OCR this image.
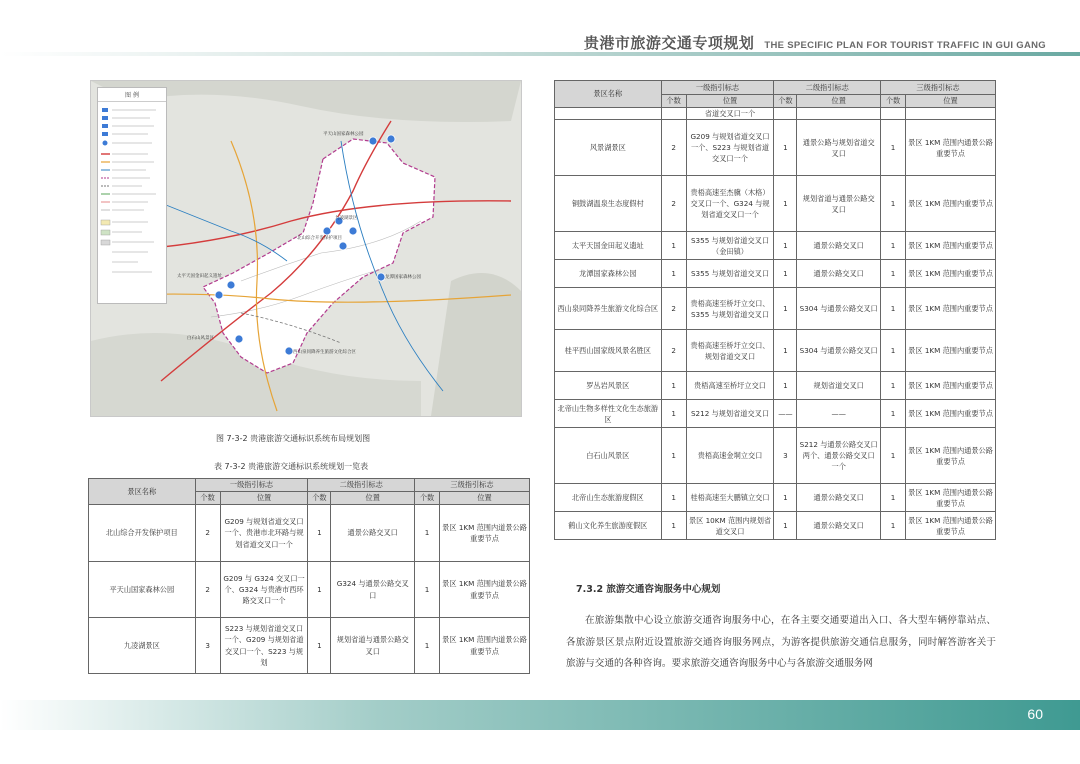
贵港市旅游交通专项规划 THE SPECIFIC PLAN FOR TOURIST TRAFFIC IN GUI GANG
图 例
平天山国家森林公园
九凌湖景区
北山综合开发保护项目
龙潭国家森林公园
太平天国金田起义遗址
白石山风景区
西山泉同降养生旅游文化综合区
图 7-3-2 贵港旅游交通标识系统布局规划图
表 7-3-2 贵港旅游交通标识系统规划一览表
景区名称	一级指引标志		二级指引标志		三级指引标志	
	个数	位置	个数	位置	个数	位置
北山综合开发保护项目	2	G209 与规划省道交叉口一个、贵港市北环路与规划省道交叉口一个	1	通景公路交叉口	1	景区 1KM 范围内道景公路重要节点
平天山国家森林公园	2	G209 与 G324 交叉口一个、G324 与贵港市西环路交叉口一个	1	G324 与通景公路交叉口	1	景区 1KM 范围内道景公路重要节点
九凌湖景区	3	S223 与规划省道交叉口一个、G209 与规划省道交叉口一个、S223 与规划	1	规划省道与通景公路交叉口	1	景区 1KM 范围内道景公路重要节点
景区名称	一级指引标志		二级指引标志		三级指引标志	
	个数	位置	个数	位置	个数	位置
		省道交叉口一个				
风景湖景区	2	G209 与规划省道交叉口一个、S223 与规划省道交叉口一个	1	通景公路与规划省道交叉口	1	景区 1KM 范围内通景公路重要节点
铜鼓湖温泉生态度假村	2	贵梧高速至杰骥（木格）交叉口一个、G324 与规划省道交叉口一个	1	规划省道与通景公路交叉口	1	景区 1KM 范围内重要节点
太平天国金田起义遗址	1	S355 与规划省道交叉口（金田镇）	1	通景公路交叉口	1	景区 1KM 范围内重要节点
龙潭国家森林公园	1	S355 与规划省道交叉口	1	通景公路交叉口	1	景区 1KM 范围内重要节点
西山泉同降养生旅游文化综合区	2	贵梧高速至桥圩立交口、S355 与规划省道交叉口	1	S304 与通景公路交叉口	1	景区 1KM 范围内重要节点
桂平西山国家级风景名胜区	2	贵梧高速至桥圩立交口、规划省道交叉口	1	S304 与通景公路交叉口	1	景区 1KM 范围内重要节点
罗丛岩风景区	1	贵梧高速至桥圩立交口	1	规划省道交叉口	1	景区 1KM 范围内重要节点
北帝山生物多样性文化生态旅游区	1	S212 与规划省道交叉口	——	——	1	景区 1KM 范围内重要节点
白石山风景区	1	贵梧高速金垌立交口	3	S212 与通景公路交叉口两个、通景公路交叉口一个	1	景区 1KM 范围内通景公路重要节点
北帝山生态旅游度假区	1	桂梧高速至大鹏镇立交口	1	通景公路交叉口	1	景区 1KM 范围内通景公路重要节点
鹤山文化养生旅游度假区	1	景区 10KM 范围内规划省道交叉口	1	通景公路交叉口	1	景区 1KM 范围内通景公路重要节点
7.3.2 旅游交通咨询服务中心规划
在旅游集散中心设立旅游交通咨询服务中心，在各主要交通要道出入口、各大型车辆停靠站点、各旅游景区景点附近设置旅游交通咨询服务网点，为游客提供旅游交通信息服务，同时解答游客关于旅游与交通的各种咨询。要求旅游交通咨询服务中心与各旅游交通服务网
60
